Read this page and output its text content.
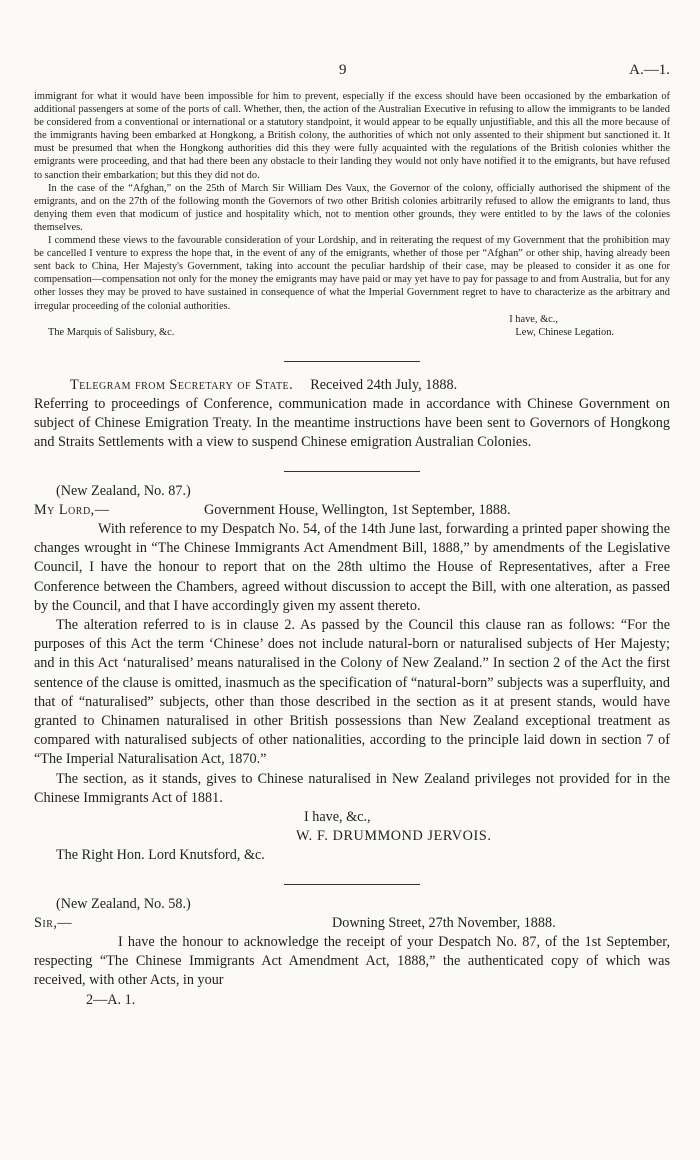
9	A.—1.

immigrant for what it would have been impossible for him to prevent, especially if the excess should have been occasioned by the embarkation of additional passengers at some of the ports of call. Whether, then, the action of the Australian Executive in refusing to allow the immigrants to be landed be considered from a conventional or international or a statutory standpoint, it would appear to be equally unjustifiable, and this all the more because of the immigrants having been embarked at Hongkong, a British colony, the authorities of which not only assented to their shipment but sanctioned it. It must be presumed that when the Hongkong authorities did this they were fully acquainted with the regulations of the British colonies whither the emigrants were proceeding, and that had there been any obstacle to their landing they would not only have notified it to the emigrants, but have refused to sanction their embarkation; but this they did not do.

In the case of the “Afghan,” on the 25th of March Sir William Des Vaux, the Governor of the colony, officially authorised the shipment of the emigrants, and on the 27th of the following month the Governors of two other British colonies arbitrarily refused to allow the emigrants to land, thus denying them even that modicum of justice and hospitality which, not to mention other grounds, they were entitled to by the laws of the colonies themselves.

I commend these views to the favourable consideration of your Lordship, and in reiterating the request of my Government that the prohibition may be cancelled I venture to express the hope that, in the event of any of the emigrants, whether of those per “Afghan” or other ship, having already been sent back to China, Her Majesty's Government, taking into account the peculiar hardship of their case, may be pleased to consider it as one for compensation—compensation not only for the money the emigrants may have paid or may yet have to pay for passage to and from Australia, but for any other losses they may be proved to have sustained in consequence of what the Imperial Government regret to have to characterize as the arbitrary and irregular proceeding of the colonial authorities.

I have, &c.,
The Marquis of Salisbury, &c.	Lew, Chinese Legation.

Telegram from Secretary of State. Received 24th July, 1888.

Referring to proceedings of Conference, communication made in accordance with Chinese Government on subject of Chinese Emigration Treaty. In the meantime instructions have been sent to Governors of Hongkong and Straits Settlements with a view to suspend Chinese emigration Australian Colonies.

(New Zealand, No. 87.)

My Lord,—	Government House, Wellington, 1st September, 1888.

With reference to my Despatch No. 54, of the 14th June last, forwarding a printed paper showing the changes wrought in “The Chinese Immigrants Act Amendment Bill, 1888,” by amendments of the Legislative Council, I have the honour to report that on the 28th ultimo the House of Representatives, after a Free Conference between the Chambers, agreed without discussion to accept the Bill, with one alteration, as passed by the Council, and that I have accordingly given my assent thereto.

The alteration referred to is in clause 2. As passed by the Council this clause ran as follows: “For the purposes of this Act the term ‘Chinese’ does not include natural-born or naturalised subjects of Her Majesty; and in this Act ‘naturalised’ means naturalised in the Colony of New Zealand.” In section 2 of the Act the first sentence of the clause is omitted, inasmuch as the specification of “natural-born” subjects was a superfluity, and that of “naturalised” subjects, other than those described in the section as it at present stands, would have granted to Chinamen naturalised in other British possessions than New Zealand exceptional treatment as compared with naturalised subjects of other nationalities, according to the principle laid down in section 7 of “The Imperial Naturalisation Act, 1870.”

The section, as it stands, gives to Chinese naturalised in New Zealand privileges not provided for in the Chinese Immigrants Act of 1881.

I have, &c.,

W. F. DRUMMOND JERVOIS.

The Right Hon. Lord Knutsford, &c.

(New Zealand, No. 58.)

Sir,—	Downing Street, 27th November, 1888.

I have the honour to acknowledge the receipt of your Despatch No. 87, of the 1st September, respecting “The Chinese Immigrants Act Amendment Act, 1888,” the authenticated copy of which was received, with other Acts, in your

2—A. 1.
